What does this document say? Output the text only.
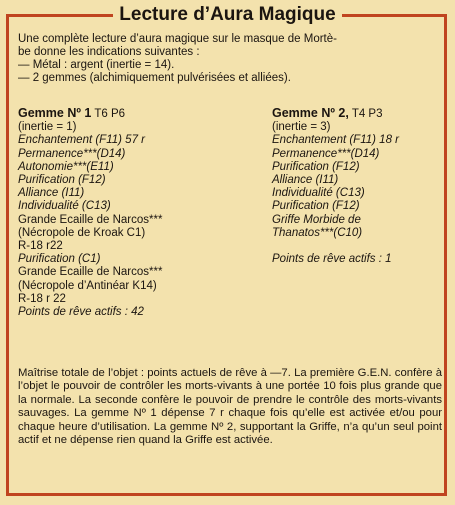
Lecture d’Aura Magique
Une complète lecture d’aura magique sur le masque de Mortè-
be donne les indications suivantes :
— Métal : argent (inertie = 14).
— 2 gemmes (alchimiquement pulvérisées et alliées).
Gemme Nº 1 T6 P6
(inertie = 1)
Enchantement (F11) 57 r
Permanence***(D14)
Autonomie***(E11)
Purification (F12)
Alliance (I11)
Individualité (C13)
Grande Ecaille de Narcos***
(Nécropole de Kroak C1)
R-18 r22
Purification (C1)
Grande Ecaille de Narcos***
(Nécropole d’Antinéar K14)
R-18 r 22
Points de rêve actifs : 42
Gemme Nº 2, T4 P3
(inertie = 3)
Enchantement (F11) 18 r
Permanence***(D14)
Purification (F12)
Alliance (I11)
Individualité (C13)
Purification (F12)
Griffe Morbide de
Thanatos***(C10)
Points de rêve actifs : 1
Maîtrise totale de l’objet : points actuels de rêve à —7. La première G.E.N. confère à l’objet le pouvoir de contrôler les morts-vivants à une portée 10 fois plus grande que la normale. La seconde confère le pouvoir de prendre le contrôle des morts-vivants sauvages. La gemme Nº 1 dépense 7 r chaque fois qu’elle est activée et/ou pour chaque heure d’utilisation. La gemme Nº 2, supportant la Griffe, n’a qu’un seul point actif et ne dépense rien quand la Griffe est activée.
